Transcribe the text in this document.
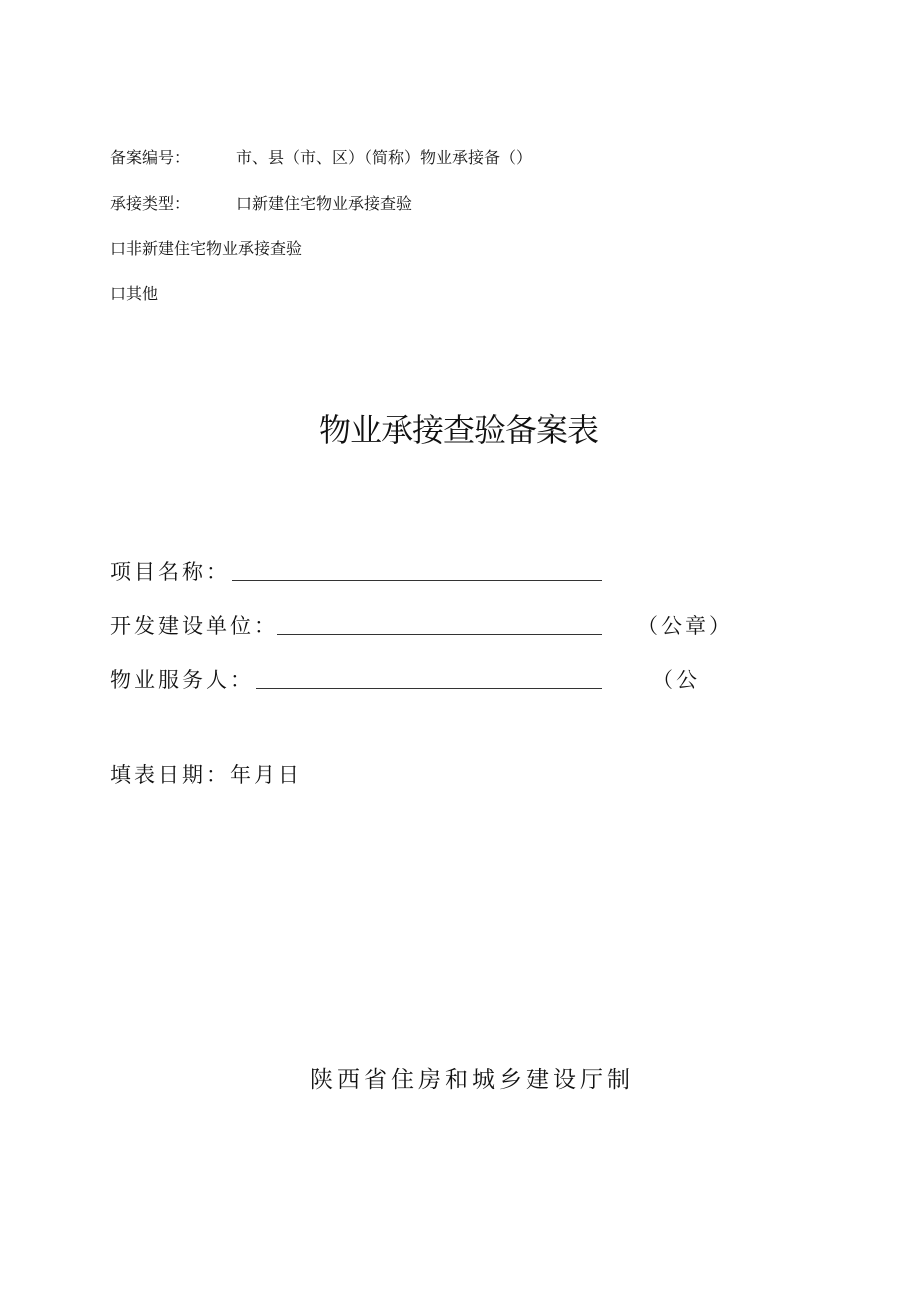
备案编号：	市、县（市、区）（简称）物业承接备（）
承接类型：	口新建住宅物业承接查验
口非新建住宅物业承接查验
口其他
物业承接查验备案表
项目名称：
开发建设单位：	（公章）
物业服务人：	（公
填表日期：年月日
陕西省住房和城乡建设厅制
